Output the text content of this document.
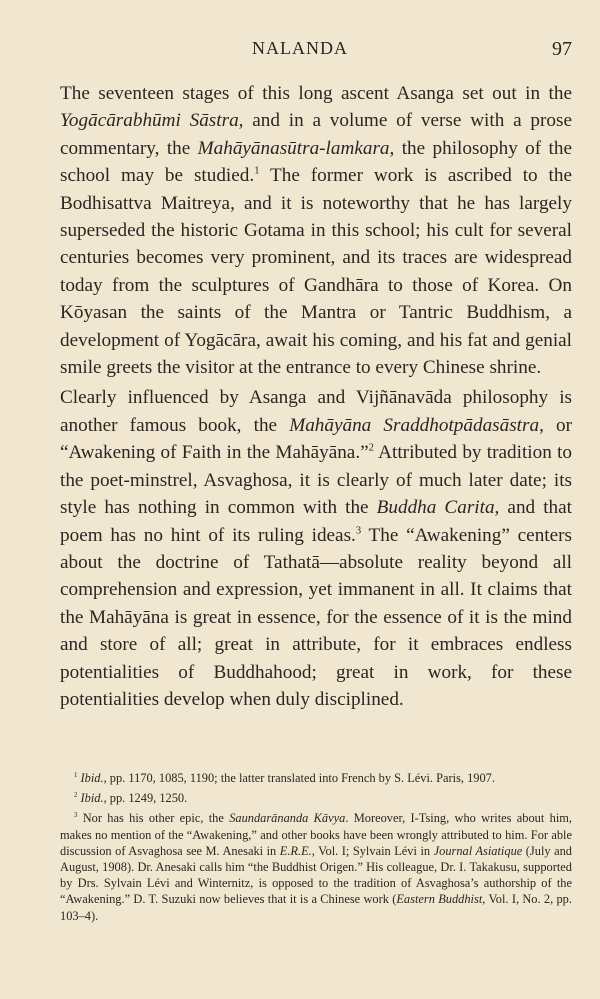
NALANDA	97

The seventeen stages of this long ascent Asanga set out in the Yogācārabhūmi Sāstra, and in a volume of verse with a prose commentary, the Mahāyānasūtra-lamkara, the philosophy of the school may be studied.$^1$ The former work is ascribed to the Bodhisattva Maitreya, and it is noteworthy that he has largely superseded the historic Gotama in this school; his cult for several centuries becomes very prominent, and its traces are widespread today from the sculptures of Gandhāra to those of Korea. On Kōyasan the saints of the Mantra or Tantric Buddhism, a development of Yogācāra, await his coming, and his fat and genial smile greets the visitor at the entrance to every Chinese shrine.

Clearly influenced by Asanga and Vijñānavāda philosophy is another famous book, the Mahāyāna Sraddhotpādasāstra, or “Awakening of Faith in the Mahāyāna.”$^2$ Attributed by tradition to the poet-minstrel, Asvaghosa, it is clearly of much later date; its style has nothing in common with the Buddha Carita, and that poem has no hint of its ruling ideas.$^3$ The “Awakening” centers about the doctrine of Tathatā—absolute reality beyond all comprehension and expression, yet immanent in all. It claims that the Mahāyāna is great in essence, for the essence of it is the mind and store of all; great in attribute, for it embraces endless potentialities of Buddhahood; great in work, for these potentialities develop when duly disciplined.

$^1$ Ibid., pp. 1170, 1085, 1190; the latter translated into French by S. Lévi. Paris, 1907.

$^2$ Ibid., pp. 1249, 1250.

$^3$ Nor has his other epic, the Saundarānanda Kāvya. Moreover, I-Tsing, who writes about him, makes no mention of the “Awakening,” and other books have been wrongly attributed to him. For able discussion of Asvaghosa see M. Anesaki in E.R.E., Vol. I; Sylvain Lévi in Journal Asiatique (July and August, 1908). Dr. Anesaki calls him “the Buddhist Origen.” His colleague, Dr. I. Takakusu, supported by Drs. Sylvain Lévi and Winternitz, is opposed to the tradition of Asvaghosa’s authorship of the “Awakening.” D. T. Suzuki now believes that it is a Chinese work (Eastern Buddhist, Vol. I, No. 2, pp. 103–4).
